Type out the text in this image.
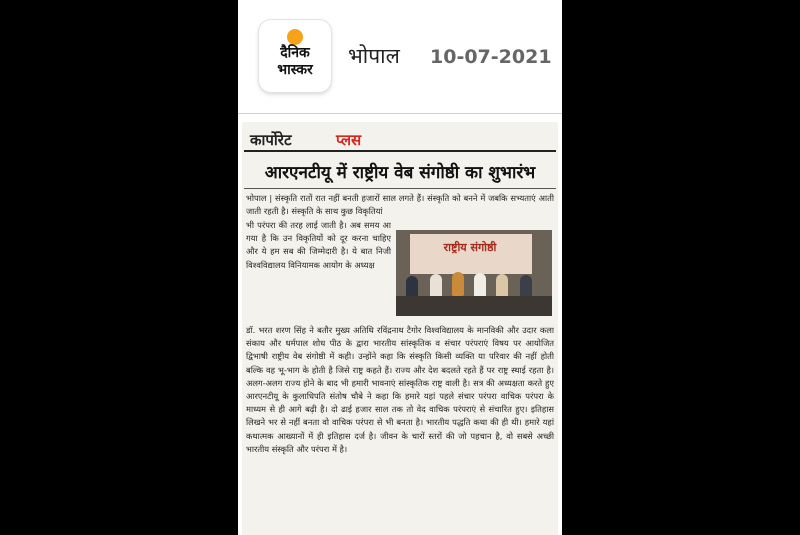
दैनिक
भास्कर
भोपाल 10-07-2021
कार्पोरेट	प्लस
आरएनटीयू में राष्ट्रीय वेब संगोष्ठी का शुभारंभ
भोपाल | संस्कृति रातों रात नहीं बनती हजारों साल लगते हैं। संस्कृति को बनने में जबकि सभ्यताएं आती जाती रहती है। संस्कृति के साथ कुछ विकृतियां
भी परंपरा की तरह लाई जाती है। अब समय आ गया है कि उन विकृतियों को दूर करना चाहिए और ये हम सब की जिम्मेदारी है। ये बात निजी विश्वविद्यालय विनियामक आयोग के अध्यक्ष
राष्ट्रीय संगोष्ठी
डॉ. भरत शरण सिंह ने बतौर मुख्य अतिथि रविंद्रनाथ टैगोर विश्वविद्यालय के मानविकी और उदार कला संकाय और धर्मपाल शोध पीठ के द्वारा भारतीय सांस्कृतिक व संचार परंपराएं विषय पर आयोजित द्विभाषी राष्ट्रीय वेब संगोष्ठी में कही। उन्होंने कहा कि संस्कृति किसी व्यक्ति या परिवार की नहीं होती बल्कि वह भू-भाग के होती है जिसे राष्ट्र कहते हैं। राज्य और देश बदलते रहते हैं पर राष्ट्र स्थाई रहता है। अलग-अलग राज्य होने के बाद भी हमारी भावनाएं सांस्कृतिक राष्ट्र वाली है। सत्र की अध्यक्षता करते हुए आरएनटीयू के कुलाधिपति संतोष चौबे ने कहा कि हमारे यहां पहले संचार परंपरा वाचिक परंपरा के माध्यम से ही आगे बढ़ी है। दो ढाई हजार साल तक तो वेद वाचिक परंपराएं से संचारित हुए। इतिहास लिखने भर से नहीं बनता वो वाचिक परंपरा से भी बनता है। भारतीय पद्धति कथा की ही थी। हमारे यहां कथात्मक आख्यानों में ही इतिहास दर्ज है। जीवन के चारों स्तरों की जो पहचान है, वो सबसे अच्छी भारतीय संस्कृति और परंपरा में है।
